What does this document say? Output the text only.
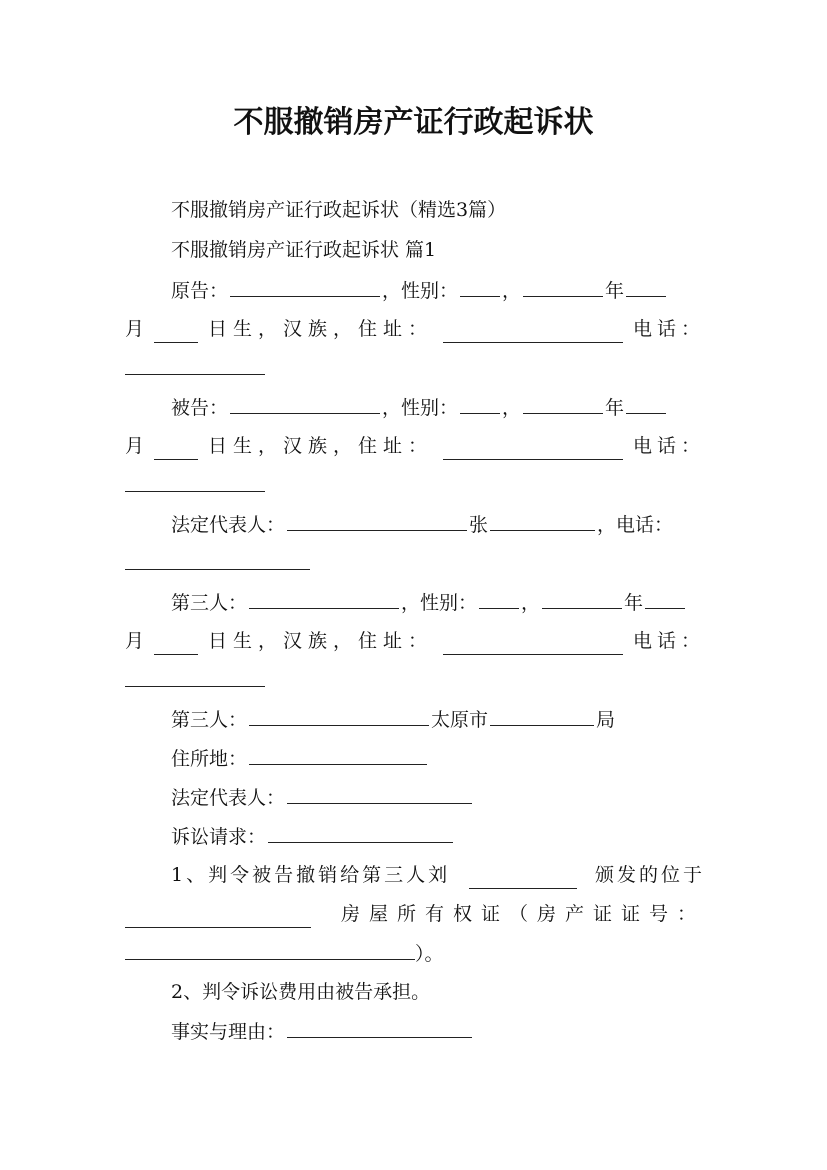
不服撤销房产证行政起诉状
不服撤销房产证行政起诉状（精选3篇）
不服撤销房产证行政起诉状 篇1
原告：	，性别： ，	年
月	日生，汉族，住址：	电话：
被告：	，性别： ，	年
月	日生，汉族，住址：	电话：
法定代表人：	张	，电话：
第三人：	，性别： ，	年
月	日生，汉族，住址：	电话：
第三人：	太原市	局
住所地：
法定代表人：
诉讼请求：
1、判令被告撤销给第三人刘	颁发的位于
房屋所有权证（房产证证号：
）。
2、判令诉讼费用由被告承担。
事实与理由：
